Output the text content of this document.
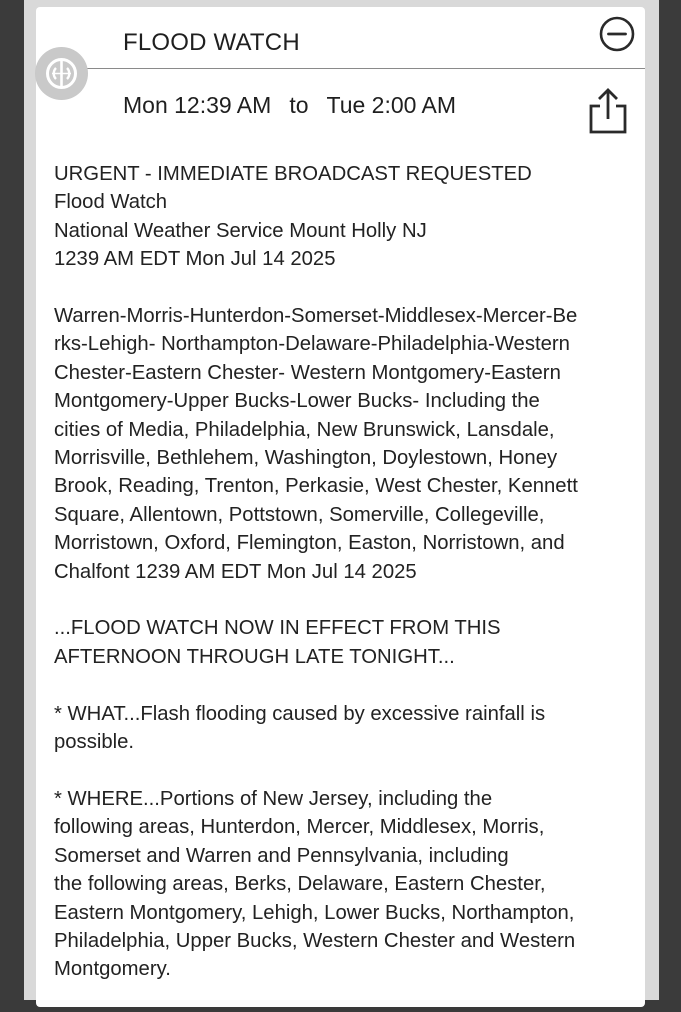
FLOOD WATCH
Mon 12:39 AM to Tue 2:00 AM

URGENT - IMMEDIATE BROADCAST REQUESTED
Flood Watch
National Weather Service Mount Holly NJ
1239 AM EDT Mon Jul 14 2025

Warren-Morris-Hunterdon-Somerset-Middlesex-Mercer-Be
rks-Lehigh- Northampton-Delaware-Philadelphia-Western
Chester-Eastern Chester- Western Montgomery-Eastern
Montgomery-Upper Bucks-Lower Bucks- Including the
cities of Media, Philadelphia, New Brunswick, Lansdale,
Morrisville, Bethlehem, Washington, Doylestown, Honey
Brook, Reading, Trenton, Perkasie, West Chester, Kennett
Square, Allentown, Pottstown, Somerville, Collegeville,
Morristown, Oxford, Flemington, Easton, Norristown, and
Chalfont 1239 AM EDT Mon Jul 14 2025

...FLOOD WATCH NOW IN EFFECT FROM THIS
AFTERNOON THROUGH LATE TONIGHT...

* WHAT...Flash flooding caused by excessive rainfall is
possible.

* WHERE...Portions of New Jersey, including the
following areas, Hunterdon, Mercer, Middlesex, Morris,
Somerset and Warren and Pennsylvania, including
the following areas, Berks, Delaware, Eastern Chester,
Eastern Montgomery, Lehigh, Lower Bucks, Northampton,
Philadelphia, Upper Bucks, Western Chester and Western
Montgomery.
